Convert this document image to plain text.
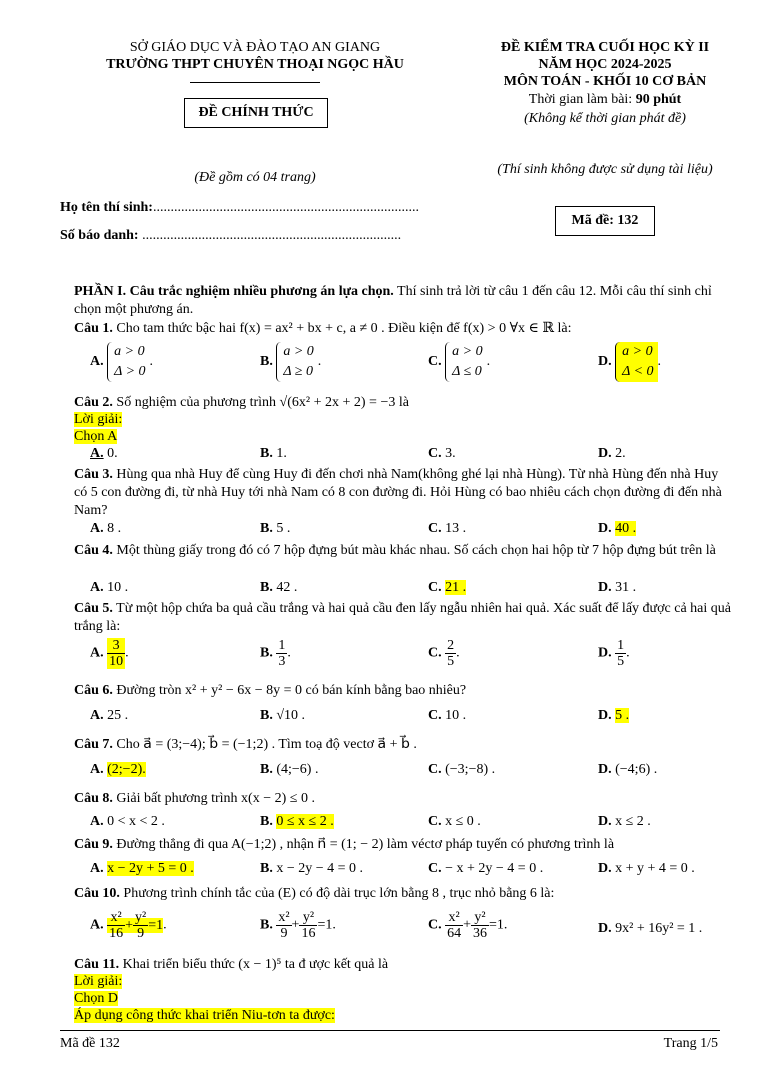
SỞ GIÁO DỤC VÀ ĐÀO TẠO AN GIANG
TRƯỜNG THPT CHUYÊN THOẠI NGỌC HẦU
ĐỀ CHÍNH THỨC
(Đề gồm có 04 trang)
ĐỀ KIỂM TRA CUỐI HỌC KỲ II
NĂM HỌC 2024-2025
MÔN TOÁN - KHỐI 10 CƠ BẢN
Thời gian làm bài: 90 phút
(Không kể thời gian phát đề)
(Thí sinh không được sử dụng tài liệu)
Họ tên thí sinh:............................................................................
Số báo danh: ..........................................................................
Mã đề: 132
PHẦN I. Câu trắc nghiệm nhiều phương án lựa chọn. Thí sinh trả lời từ câu 1 đến câu 12. Mỗi câu thí sinh chỉ chọn một phương án.
Câu 1. Cho tam thức bậc hai f(x) = ax² + bx + c, a ≠ 0 . Điều kiện để f(x) > 0 ∀x ∈ ℝ là:
A. a > 0
Δ > 0.	B. a > 0
Δ ≥ 0.	C. a > 0
Δ ≤ 0.	D. a > 0
Δ < 0.
Câu 2. Số nghiệm của phương trình √(6x² + 2x + 2) = −3 là
Lời giải:
Chọn A
A. 0.	B. 1.	C. 3.	D. 2.
Câu 3. Hùng qua nhà Huy để cùng Huy đi đến chơi nhà Nam(không ghé lại nhà Hùng). Từ nhà Hùng đến nhà Huy có 5 con đường đi, từ nhà Huy tới nhà Nam có 8 con đường đi. Hỏi Hùng có bao nhiêu cách chọn đường đi đến nhà Nam?
A. 8 .	B. 5 .	C. 13 .	D. 40 .
Câu 4. Một thùng giấy trong đó có 7 hộp đựng bút màu khác nhau. Số cách chọn hai hộp từ 7 hộp đựng bút trên là
A. 10 .	B. 42 .	C. 21 .	D. 31 .
Câu 5. Từ một hộp chứa ba quả cầu trắng và hai quả cầu đen lấy ngẫu nhiên hai quả. Xác suất để lấy được cả hai quả trắng là:
A. $\frac{3}{10}$ .	B. $\frac{1}{3}$ .	C. $\frac{2}{5}$ .	D. $\frac{1}{5}$ .
Câu 6. Đường tròn x² + y² − 6x − 8y = 0 có bán kính bằng bao nhiêu?
A. 25 .	B. √10 .	C. 10 .	D. 5 .
Câu 7. Cho a⃗ = (3;−4); b⃗ = (−1;2) . Tìm toạ độ vectơ a⃗ + b⃗ .
A. (2;−2).	B. (4;−6) .	C. (−3;−8) .	D. (−4;6) .
Câu 8. Giải bất phương trình x(x − 2) ≤ 0 .
A. 0 < x < 2 .	B. 0 ≤ x ≤ 2 .	C. x ≤ 0 .	D. x ≤ 2 .
Câu 9. Đường thẳng đi qua A(−1;2) , nhận n⃗ = (1; − 2) làm véctơ pháp tuyến có phương trình là
A. x − 2y + 5 = 0 .	B. x − 2y − 4 = 0 .	C. − x + 2y − 4 = 0 .	D. x + y + 4 = 0 .
Câu 10. Phương trình chính tắc của (E) có độ dài trục lớn bằng 8 , trục nhỏ bằng 6 là:
A. $\frac{\text{x²}}{16} + \frac{\text{y²}}{9} =1$.	B. $\frac{\text{x²}}{9} + \frac{\text{y²}}{16} =1$.	C. $\frac{\text{x²}}{64} + \frac{\text{y²}}{36} =1$.	D. 9x² + 16y² = 1 .
Câu 11. Khai triển biểu thức (x − 1)⁵ ta đ ược kết quả là
Lời giải:
Chọn D
Áp dụng công thức khai triển Niu-tơn ta được:
Mã đề 132	Trang 1/5
